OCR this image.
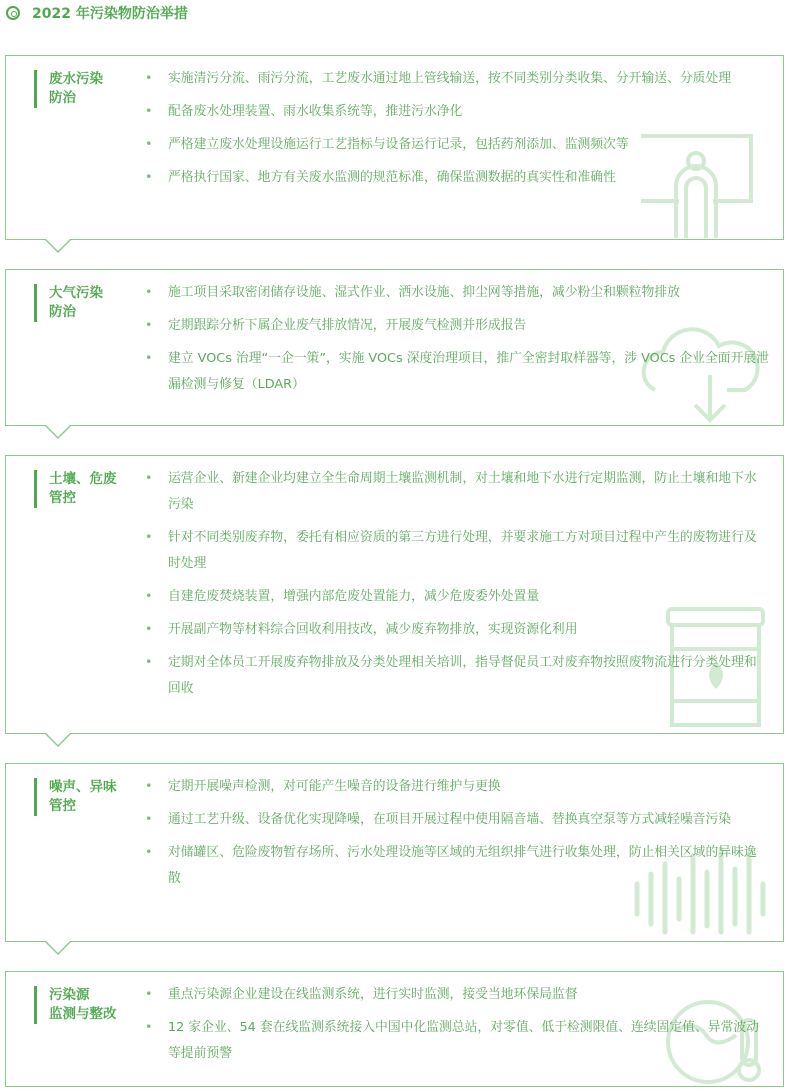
2022 年污染物防治举措
废水污染
防治
• 实施清污分流、雨污分流，工艺废水通过地上管线输送，按不同类别分类收集、分开输送、分质处理
• 配备废水处理装置、雨水收集系统等，推进污水净化
• 严格建立废水处理设施运行工艺指标与设备运行记录，包括药剂添加、监测频次等
• 严格执行国家、地方有关废水监测的规范标准，确保监测数据的真实性和准确性
大气污染
防治
• 施工项目采取密闭储存设施、湿式作业、洒水设施、抑尘网等措施，减少粉尘和颗粒物排放
• 定期跟踪分析下属企业废气排放情况，开展废气检测并形成报告
• 建立 VOCs 治理“一企一策”，实施 VOCs 深度治理项目，推广全密封取样器等，涉 VOCs 企业全面开展泄漏检测与修复（LDAR）
土壤、危废
管控
• 运营企业、新建企业均建立全生命周期土壤监测机制，对土壤和地下水进行定期监测，防止土壤和地下水污染
• 针对不同类别废弃物，委托有相应资质的第三方进行处理，并要求施工方对项目过程中产生的废物进行及时处理
• 自建危废焚烧装置，增强内部危废处置能力，减少危废委外处置量
• 开展副产物等材料综合回收利用技改，减少废弃物排放，实现资源化利用
• 定期对全体员工开展废弃物排放及分类处理相关培训，指导督促员工对废弃物按照废物流进行分类处理和回收
噪声、异味
管控
• 定期开展噪声检测，对可能产生噪音的设备进行维护与更换
• 通过工艺升级、设备优化实现降噪，在项目开展过程中使用隔音墙、替换真空泵等方式减轻噪音污染
• 对储罐区、危险废物暂存场所、污水处理设施等区域的无组织排气进行收集处理，防止相关区域的异味逸散
污染源
监测与整改
• 重点污染源企业建设在线监测系统，进行实时监测，接受当地环保局监督
• 12 家企业、54 套在线监测系统接入中国中化监测总站，对零值、低于检测限值、连续固定值、异常波动等提前预警
